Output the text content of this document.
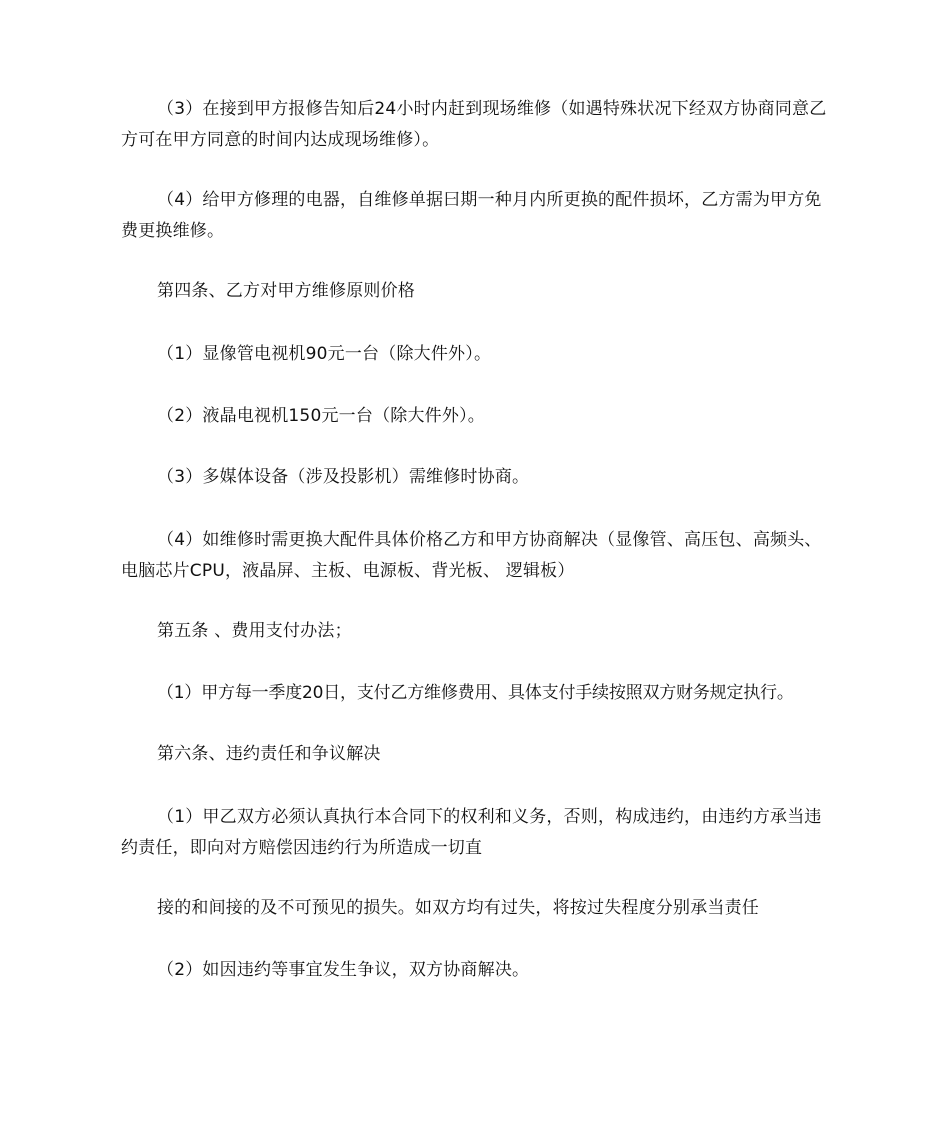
（3）在接到甲方报修告知后24小时内赶到现场维修（如遇特殊状况下经双方协商同意乙方可在甲方同意的时间内达成现场维修）。

（4）给甲方修理的电器，自维修单据曰期一种月内所更换的配件损坏，乙方需为甲方免费更换维修。

第四条、乙方对甲方维修原则价格

（1）显像管电视机90元一台（除大件外）。

（2）液晶电视机150元一台（除大件外）。

（3）多媒体设备（涉及投影机）需维修时协商。

（4）如维修时需更换大配件具体价格乙方和甲方协商解决（显像管、高压包、高频头、电脑芯片CPU，液晶屏、主板、电源板、背光板、 逻辑板）

第五条 、费用支付办法；

（1）甲方每一季度20日，支付乙方维修费用、具体支付手续按照双方财务规定执行。

第六条、违约责任和争议解决

（1）甲乙双方必须认真执行本合同下的权利和义务，否则，构成违约，由违约方承当违约责任，即向对方赔偿因违约行为所造成一切直

接的和间接的及不可预见的损失。如双方均有过失，将按过失程度分别承当责任

（2）如因违约等事宜发生争议，双方协商解决。
